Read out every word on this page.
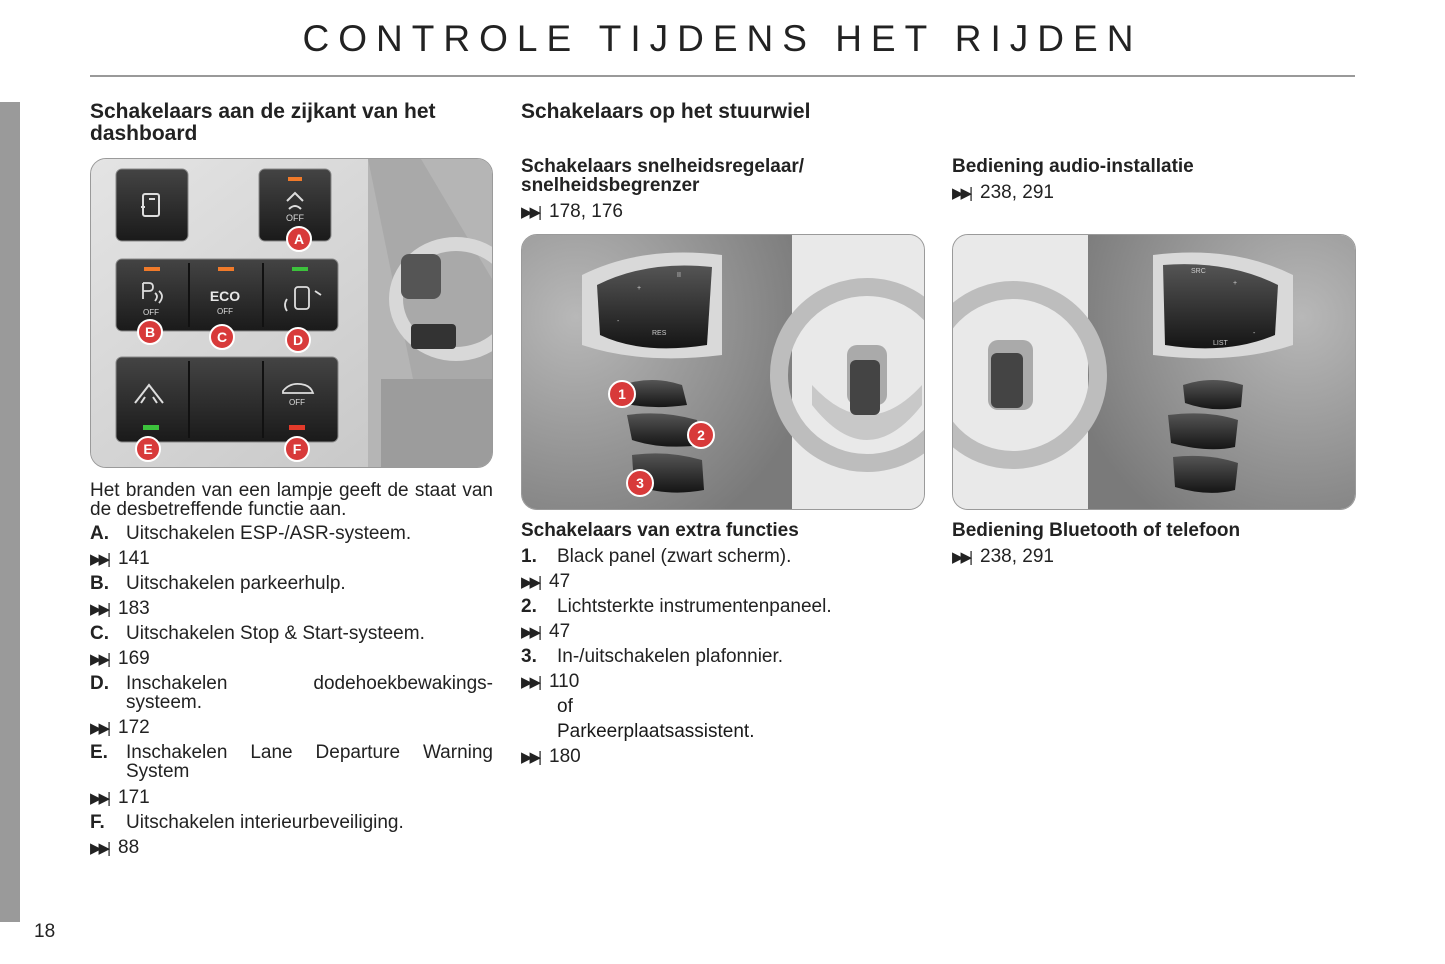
CONTROLE TIJDENS HET RIJDEN
18
Schakelaars aan de zijkant van het dashboard
OFF
OFF
ECO
OFF
OFF
A
B	C	D
E	F
Het branden van een lampje geeft de staat van de desbetreffende functie aan.
A. Uitschakelen ESP-/ASR-systeem.
▶▶| 141
B. Uitschakelen parkeerhulp.
▶▶| 183
C. Uitschakelen Stop & Start-systeem.
▶▶| 169
D. Inschakelen dodehoekbewakings-
systeem.
▶▶| 172
E. Inschakelen Lane Departure Warning
System
▶▶| 171
F.	Uitschakelen interieurbeveiliging.
▶▶| 88
Schakelaars op het stuurwiel
Schakelaars snelheidsregelaar/
snelheidsbegrenzer
▶▶| 178, 176
Bediening audio-installatie
▶▶| 238, 291
+
II
-
RES
1
2
3
SRC
+
-
LIST
Schakelaars van extra functies
1.	Black panel (zwart scherm).
▶▶| 47
2.	Lichtsterkte instrumentenpaneel.
▶▶| 47
3.	In-/uitschakelen plafonnier.
▶▶| 110
of
Parkeerplaatsassistent.
▶▶| 180
Bediening Bluetooth of telefoon
▶▶| 238, 291
